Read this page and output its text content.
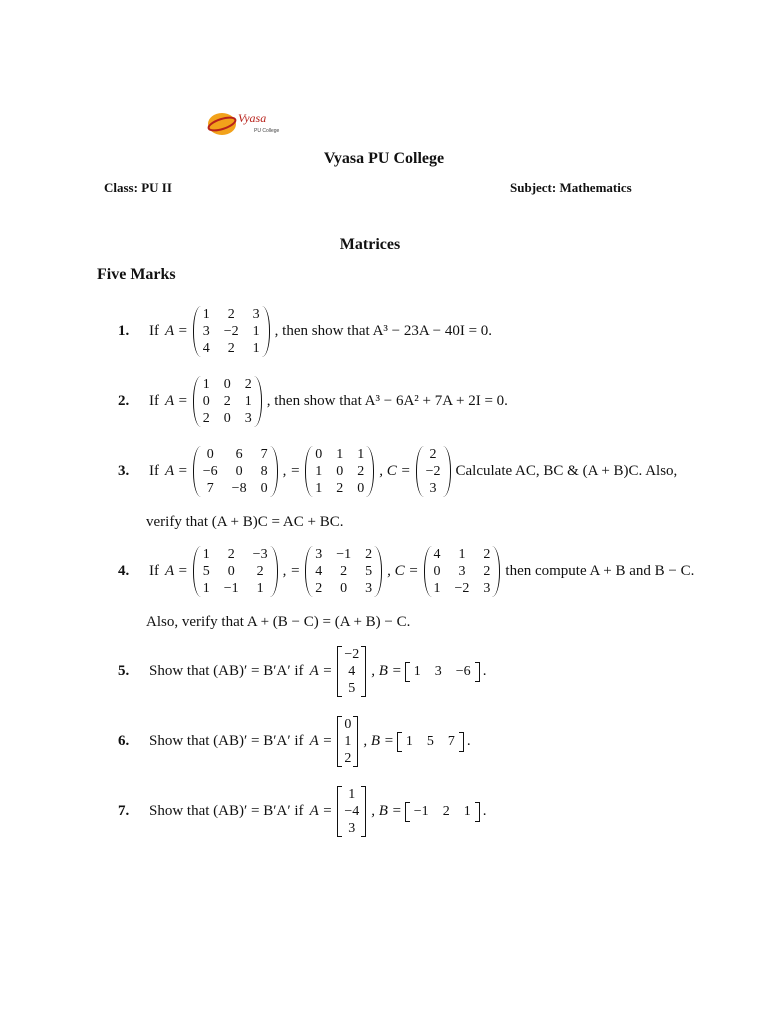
Vyasa
PU College
Vyasa PU College
Class: PU II	Subject: Mathematics
Matrices
Five Marks
1.	If A =
1 2 3
3 −2 1
4 2 1
, then show that A³ − 23A − 40I = 0.
2.	If A =
1 0 2
0 2 1
2 0 3
, then show that A³ − 6A² + 7A + 2I = 0.
3.	If A =
0 6 7
−6 0 8
7 −8 0
, =
0 1 1
1 0 2
1 2 0
, C =
2
−2
3
Calculate AC, BC & (A + B)C. Also,
verify that (A + B)C = AC + BC.
4.	If A =
1 2 −3
5 0 2
1 −1 1
, =
3 −1 2
4 2 5
2 0 3
, C =
4 1 2
0 3 2
1 −2 3
then compute A + B and B − C.
Also, verify that A + (B − C) = (A + B) − C.
5.	Show that (AB)′ = B′A′ if A =
−2
4
5
, B = 1 3 −6 .
6.	Show that (AB)′ = B′A′ if A =
0
1
2
, B = 1 5 7 .
7.	Show that (AB)′ = B′A′ if A =
1
−4
3
, B = −1 2 1 .
